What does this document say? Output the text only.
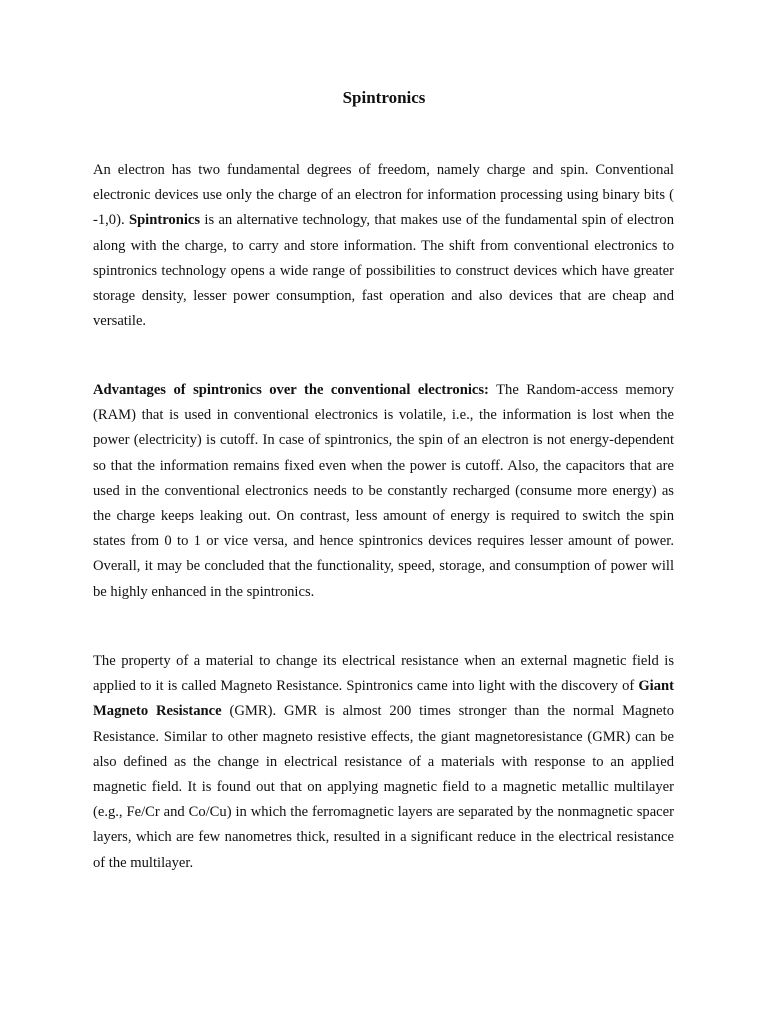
Spintronics

An electron has two fundamental degrees of freedom, namely charge and spin. Conventional electronic devices use only the charge of an electron for information processing using binary bits ( -1,0). Spintronics is an alternative technology, that makes use of the fundamental spin of electron along with the charge, to carry and store information. The shift from conventional electronics to spintronics technology opens a wide range of possibilities to construct devices which have greater storage density, lesser power consumption, fast operation and also devices that are cheap and versatile.

Advantages of spintronics over the conventional electronics: The Random-access memory (RAM) that is used in conventional electronics is volatile, i.e., the information is lost when the power (electricity) is cutoff. In case of spintronics, the spin of an electron is not energy-dependent so that the information remains fixed even when the power is cutoff. Also, the capacitors that are used in the conventional electronics needs to be constantly recharged (consume more energy) as the charge keeps leaking out. On contrast, less amount of energy is required to switch the spin states from 0 to 1 or vice versa, and hence spintronics devices requires lesser amount of power. Overall, it may be concluded that the functionality, speed, storage, and consumption of power will be highly enhanced in the spintronics.

The property of a material to change its electrical resistance when an external magnetic field is applied to it is called Magneto Resistance. Spintronics came into light with the discovery of Giant Magneto Resistance (GMR). GMR is almost 200 times stronger than the normal Magneto Resistance. Similar to other magneto resistive effects, the giant magnetoresistance (GMR) can be also defined as the change in electrical resistance of a materials with response to an applied magnetic field. It is found out that on applying magnetic field to a magnetic metallic multilayer (e.g., Fe/Cr and Co/Cu) in which the ferromagnetic layers are separated by the nonmagnetic spacer layers, which are few nanometres thick, resulted in a significant reduce in the electrical resistance of the multilayer.
